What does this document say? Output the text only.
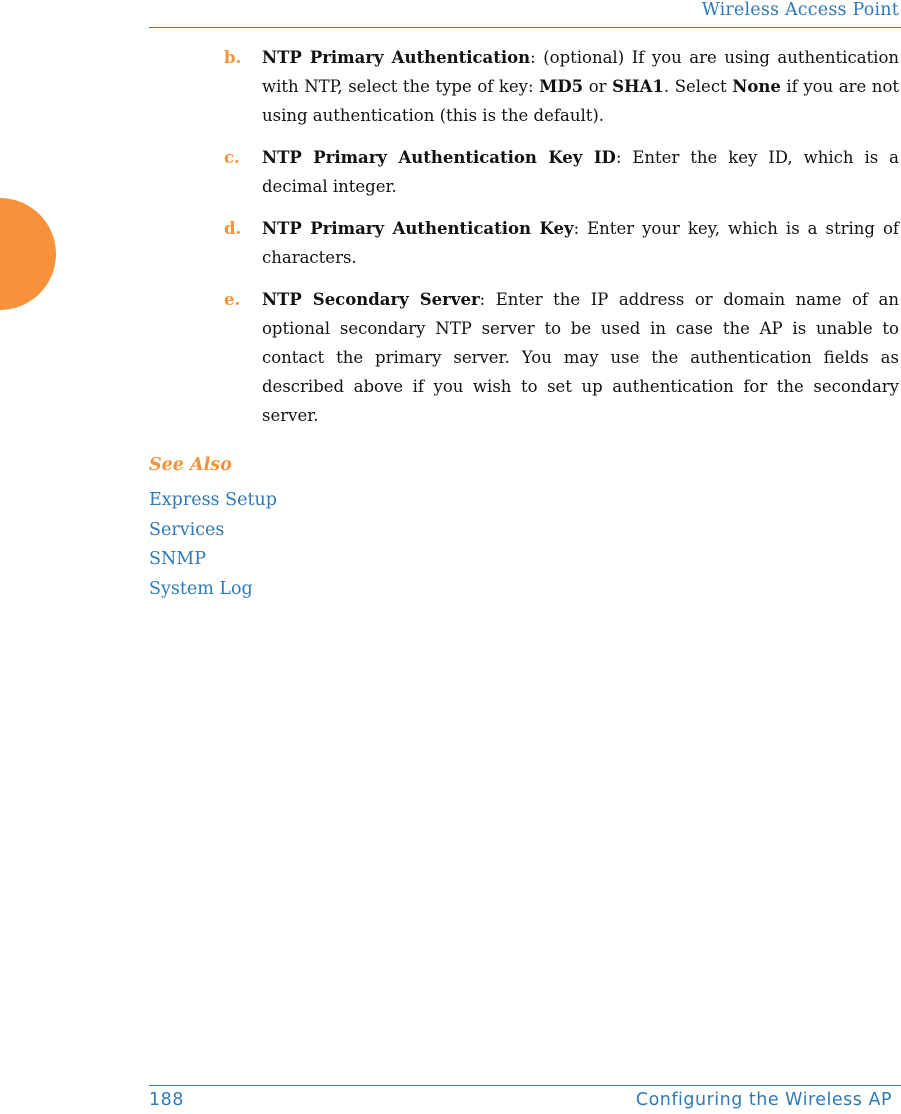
Wireless Access Point
b. NTP Primary Authentication: (optional) If you are using authentication with NTP, select the type of key: MD5 or SHA1. Select None if you are not using authentication (this is the default).
c. NTP Primary Authentication Key ID: Enter the key ID, which is a decimal integer.
d. NTP Primary Authentication Key: Enter your key, which is a string of characters.
e. NTP Secondary Server: Enter the IP address or domain name of an optional secondary NTP server to be used in case the AP is unable to contact the primary server. You may use the authentication fields as described above if you wish to set up authentication for the secondary server.
See Also
Express Setup
Services
SNMP
System Log
188	Configuring the Wireless AP
